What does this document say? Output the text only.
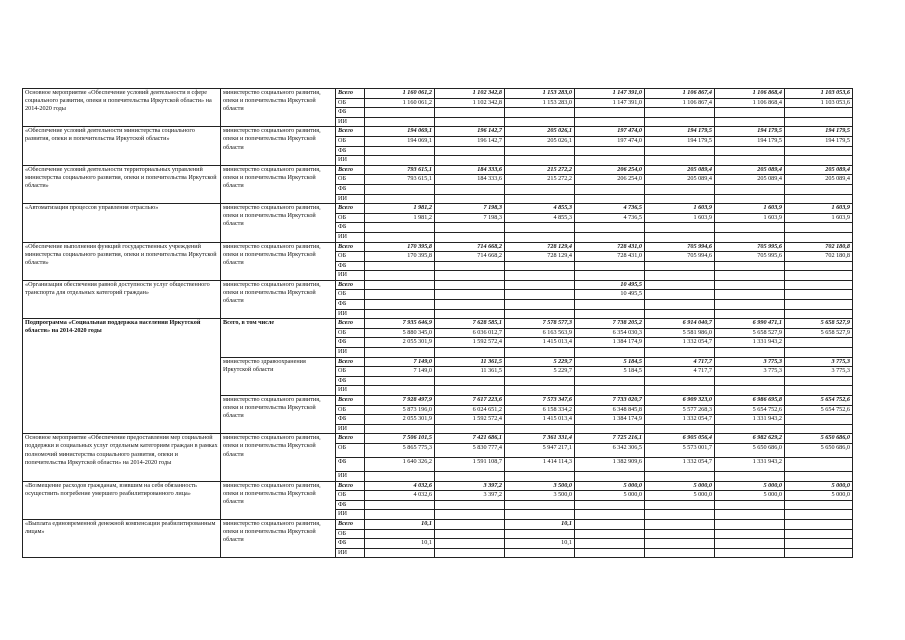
Основное мероприятие «Обеспечение условий деятельности в сфере социального развития, опеки и попечительства Иркутской области» на 2014-2020 годы	министерство социального развития, опеки и попечительства Иркутской области	Всего	1 160 061,2	1 102 342,8	1 153 283,0	1 147 391,0	1 106 867,4	1 106 868,4	1 103 053,6
		ОБ	1 160 061,2	1 102 342,8	1 153 283,0	1 147 391,0	1 106 867,4	1 106 868,4	1 103 053,6
		ФБ							
		ИИ							
«Обеспечение условий деятельности министерства социального развития, опеки и попечительства Иркутской области»	министерство социального развития, опеки и попечительства Иркутской области	Всего	194 069,1	196 142,7	205 026,1	197 474,0	194 179,5	194 179,5	194 179,5
		ОБ	194 069,1	196 142,7	205 026,1	197 474,0	194 179,5	194 179,5	194 179,5
		ФБ							
		ИИ							
«Обеспечение условий деятельности территориальных управлений министерства социального развития, опеки и попечительства Иркутской области»	министерство социального развития, опеки и попечительства Иркутской области	Всего	793 615,1	184 333,6	215 272,2	206 254,0	205 089,4	205 089,4	205 089,4
		ОБ	793 615,1	184 333,6	215 272,2	206 254,0	205 089,4	205 089,4	205 089,4
		ФБ							
		ИИ							
«Автоматизация процессов управления отраслью»	министерство социального развития, опеки и попечительства Иркутской области	Всего	1 981,2	7 198,3	4 855,3	4 736,5	1 603,9	1 603,9	1 603,9
		ОБ	1 981,2	7 198,3	4 855,3	4 736,5	1 603,9	1 603,9	1 603,9
		ФБ							
		ИИ							
«Обеспечение выполнения функций государственных учреждений министерства социального развития, опеки и попечительства Иркутской области»	министерство социального развития, опеки и попечительства Иркутской области	Всего	170 395,8	714 668,2	728 129,4	728 431,0	705 994,6	705 995,6	702 180,8
		ОБ	170 395,8	714 668,2	728 129,4	728 431,0	705 994,6	705 995,6	702 180,8
		ФБ							
		ИИ							
«Организация обеспечения равной доступности услуг общественного транспорта для отдельных категорий граждан»	министерство социального развития, опеки и попечительства Иркутской области	Всего				10 495,5			
		ОБ				10 495,5			
		ФБ							
		ИИ							
Подпрограмма «Социальная поддержка населения Иркутской области» на 2014-2020 годы	Всего, в том числе	Всего	7 935 646,9	7 628 585,1	7 578 577,3	7 738 205,2	6 914 040,7	6 990 471,1	5 658 527,9
		ОБ	5 880 345,0	6 036 012,7	6 163 563,9	6 354 030,3	5 581 986,0	5 658 527,9	5 658 527,9
		ФБ	2 055 301,9	1 592 572,4	1 415 013,4	1 384 174,9	1 332 054,7	1 331 943,2	
		ИИ							
	министерство здравоохранения Иркутской области	Всего	7 149,0	11 361,5	5 229,7	5 184,5	4 717,7	3 775,3	3 775,3
		ОБ	7 149,0	11 361,5	5 229,7	5 184,5	4 717,7	3 775,3	3 775,3
		ФБ							
		ИИ							
	министерство социального развития, опеки и попечительства Иркутской области	Всего	7 928 497,9	7 617 223,6	7 573 347,6	7 733 020,7	6 909 323,0	6 986 695,8	5 654 752,6
		ОБ	5 873 196,0	6 024 651,2	6 158 334,2	6 348 845,8	5 577 268,3	5 654 752,6	5 654 752,6
		ФБ	2 055 301,9	1 592 572,4	1 415 013,4	1 384 174,9	1 332 054,7	1 331 943,2	
		ИИ							
Основное мероприятие «Обеспечение предоставления мер социальной поддержки и социальных услуг отдельным категориям граждан в рамках полномочий министерства социального развития, опеки и попечительства Иркутской области» на 2014-2020 годы	министерство социального развития, опеки и попечительства Иркутской области	Всего	7 506 101,5	7 421 686,1	7 361 331,4	7 725 216,1	6 905 056,4	6 982 629,2	5 650 686,0
		ОБ	5 865 775,3	5 830 777,4	5 947 217,1	6 342 306,5	5 573 001,7	5 650 686,0	5 650 686,0
		ФБ	1 640 326,2	1 591 108,7	1 414 114,3	1 382 909,6	1 332 054,7	1 331 943,2	
		ИИ							
«Возмещение расходов гражданам, взявшим на себя обязанность осуществить погребение умершего реабилитированного лица»	министерство социального развития, опеки и попечительства Иркутской области	Всего	4 032,6	3 397,2	3 500,0	5 000,0	5 000,0	5 000,0	5 000,0
		ОБ	4 032,6	3 397,2	3 500,0	5 000,0	5 000,0	5 000,0	5 000,0
		ФБ							
		ИИ							
«Выплата единовременной денежной компенсации реабилитированным лицам»	министерство социального развития, опеки и попечительства Иркутской области	Всего	10,1		10,1				
		ОБ							
		ФБ	10,1		10,1				
		ИИ							
